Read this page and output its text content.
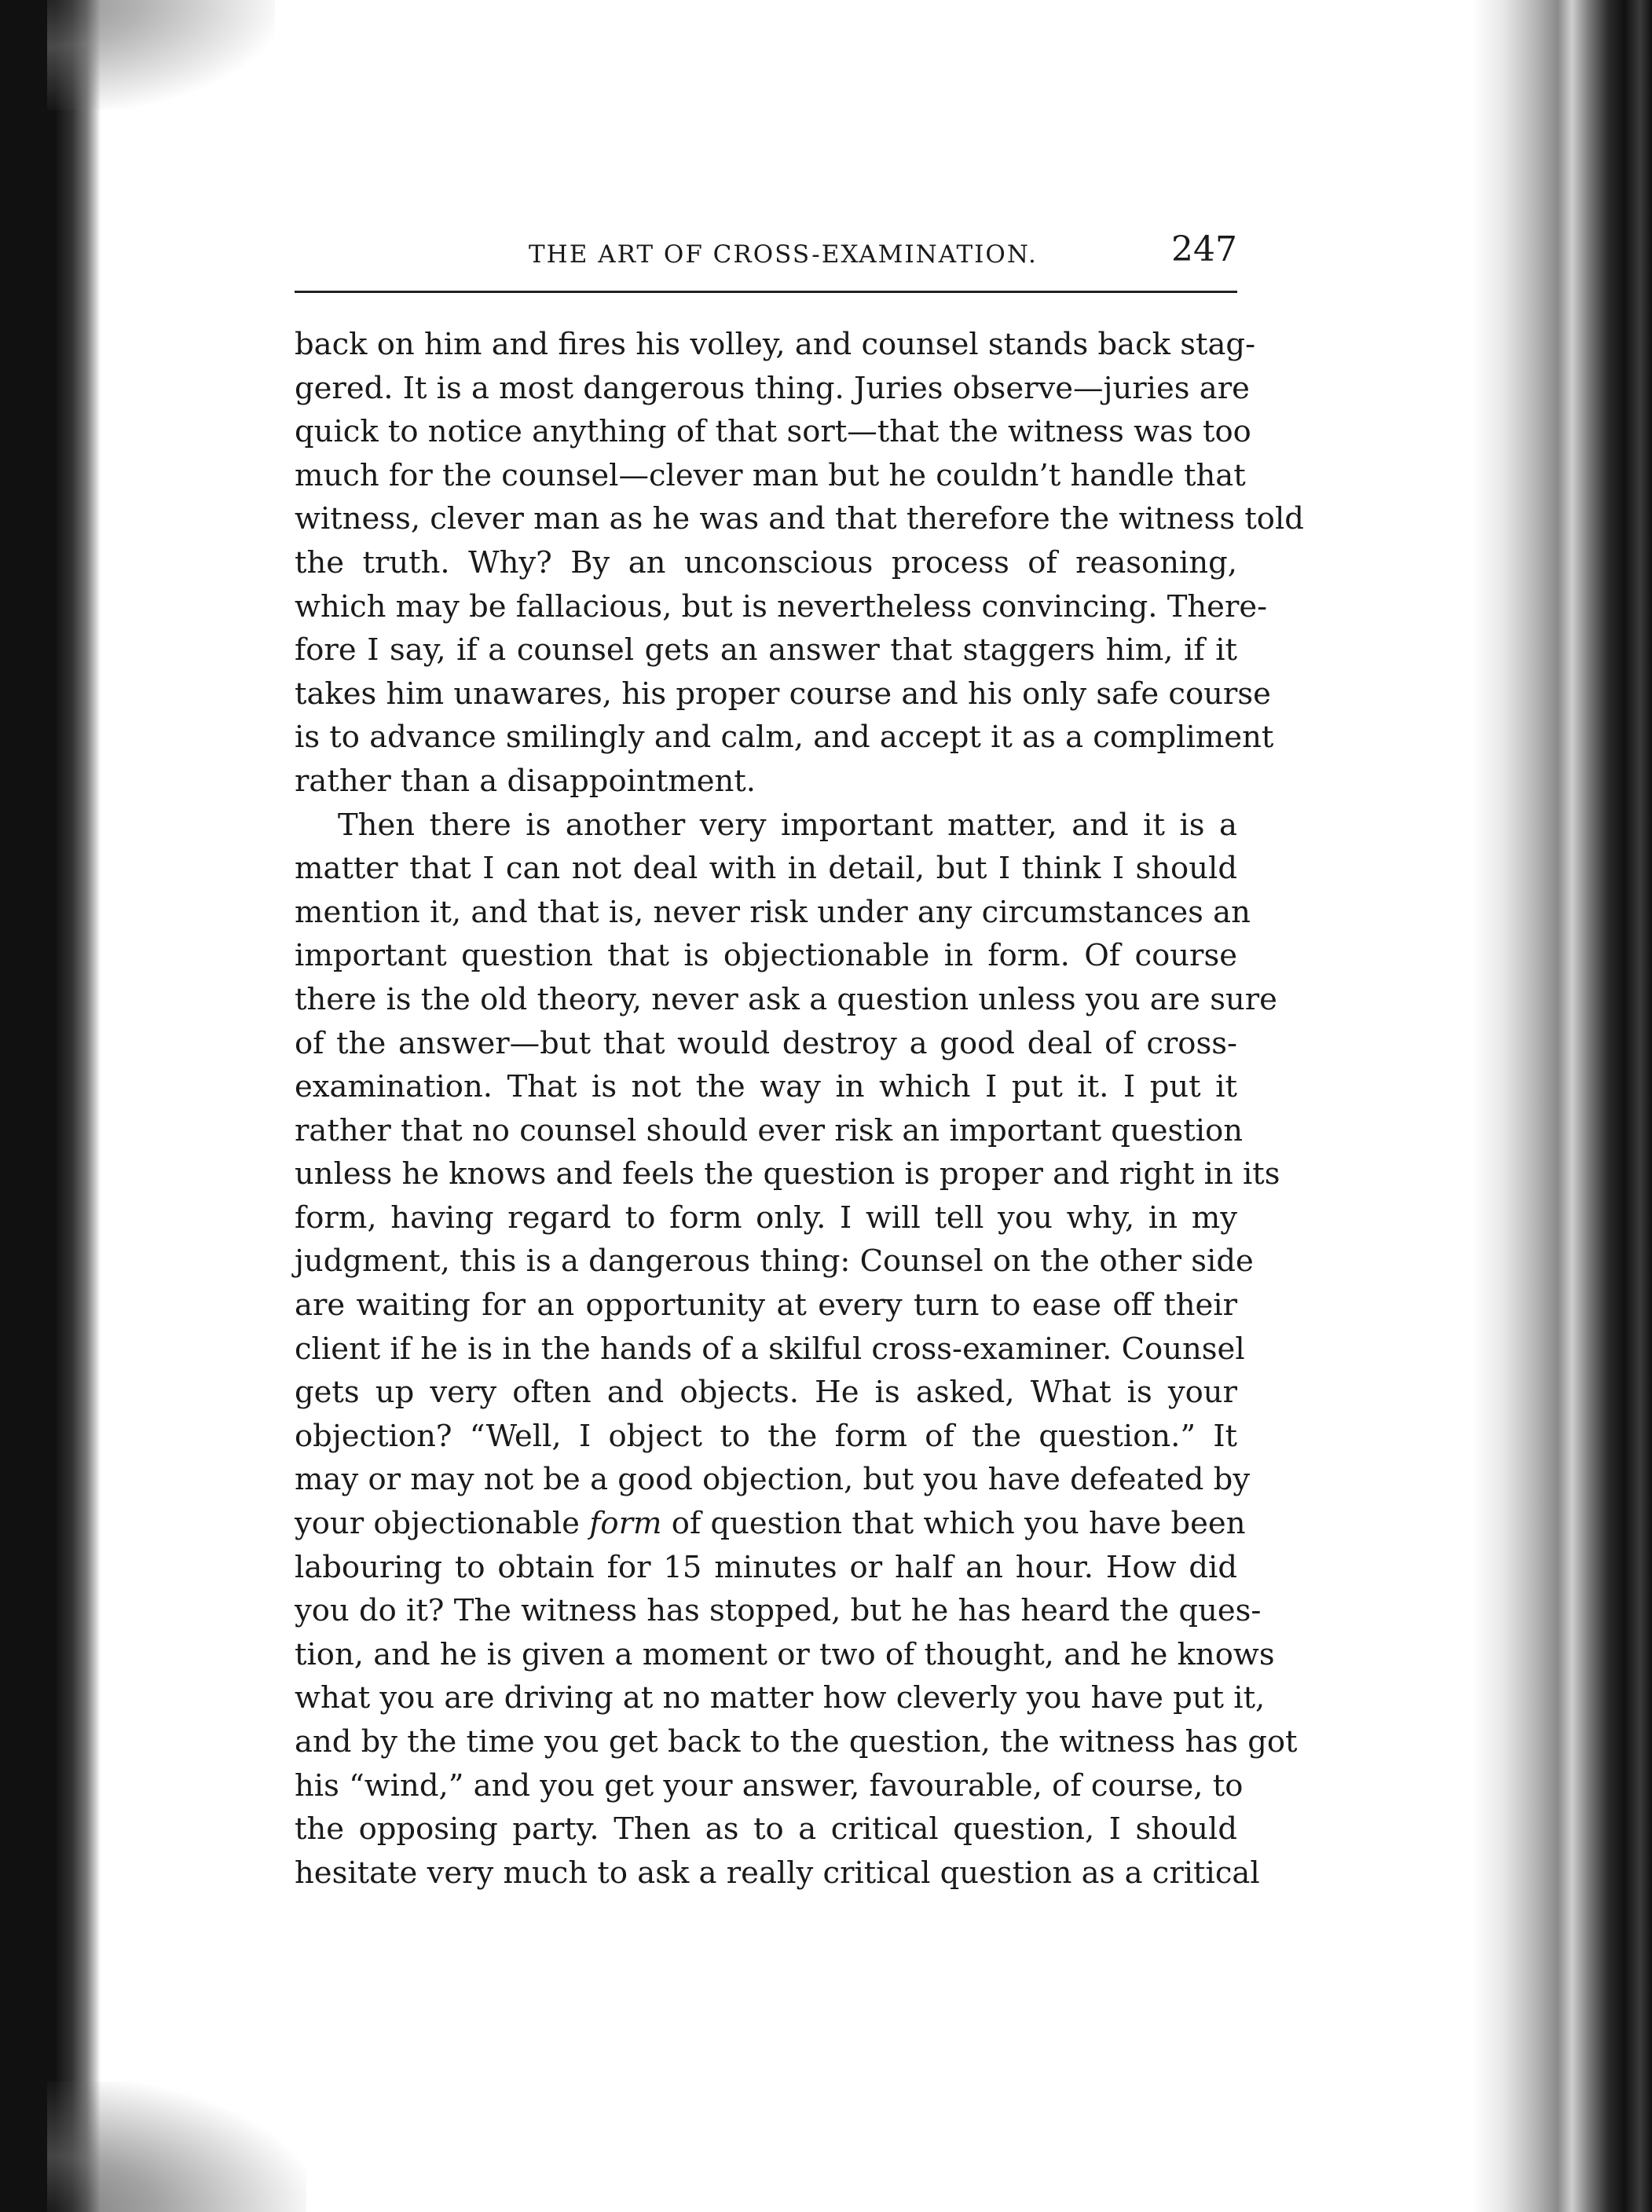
THE ART OF CROSS-EXAMINATION.	247
back on him and fires his volley, and counsel stands back stag-
gered. It is a most dangerous thing. Juries observe—juries are
quick to notice anything of that sort—that the witness was too
much for the counsel—clever man but he couldn’t handle that
witness, clever man as he was and that therefore the witness told
the truth. Why? By an unconscious process of reasoning,
which may be fallacious, but is nevertheless convincing. There-
fore I say, if a counsel gets an answer that staggers him, if it
takes him unawares, his proper course and his only safe course
is to advance smilingly and calm, and accept it as a compliment
rather than a disappointment.
Then there is another very important matter, and it is a
matter that I can not deal with in detail, but I think I should
mention it, and that is, never risk under any circumstances an
important question that is objectionable in form. Of course
there is the old theory, never ask a question unless you are sure
of the answer—but that would destroy a good deal of cross-
examination. That is not the way in which I put it. I put it
rather that no counsel should ever risk an important question
unless he knows and feels the question is proper and right in its
form, having regard to form only. I will tell you why, in my
judgment, this is a dangerous thing: Counsel on the other side
are waiting for an opportunity at every turn to ease off their
client if he is in the hands of a skilful cross-examiner. Counsel
gets up very often and objects. He is asked, What is your
objection? “Well, I object to the form of the question.” It
may or may not be a good objection, but you have defeated by
your objectionable form of question that which you have been
labouring to obtain for 15 minutes or half an hour. How did
you do it? The witness has stopped, but he has heard the ques-
tion, and he is given a moment or two of thought, and he knows
what you are driving at no matter how cleverly you have put it,
and by the time you get back to the question, the witness has got
his “wind,” and you get your answer, favourable, of course, to
the opposing party. Then as to a critical question, I should
hesitate very much to ask a really critical question as a critical
